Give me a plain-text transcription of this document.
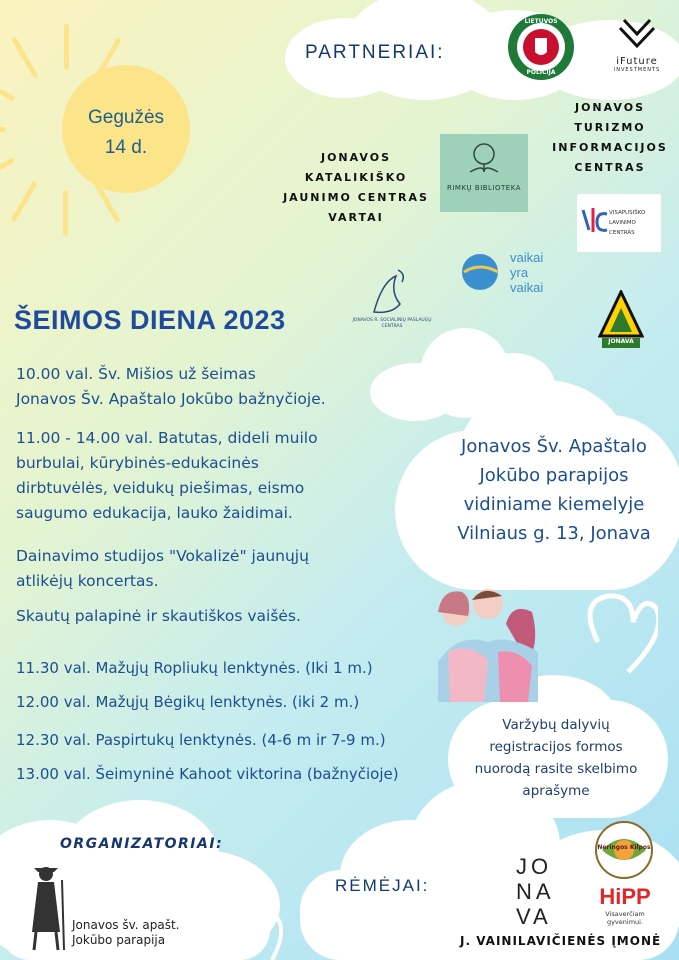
Gegužės
14 d.
PARTNERIAI:
LIETUVOS
POLICIJA
iFuture
INVESTMENTS
JONAVOS
TURIZMO
INFORMACIJOS
CENTRAS
JONAVOS
KATALIKIŠKO
JAUNIMO CENTRAS
VARTAI
RIMKŲ BIBLIOTEKA
VISAPUSIŠKO
LAVINIMO
CENTRAS
JONAVOS R. SOCIALINIŲ PASLAUGŲ CENTRAS
vaikai
yra
vaikai
JONAVA
ŠEIMOS DIENA 2023
10.00 val. Šv. Mišios už šeimas
Jonavos Šv. Apaštalo Jokūbo bažnyčioje.
11.00 - 14.00 val. Batutas, dideli muilo
burbulai, kūrybinės-edukacinės
dirbtuvėlės, veidukų piešimas, eismo
saugumo edukacija, lauko žaidimai.
Dainavimo studijos "Vokalizė" jaunųjų
atlikėjų koncertas.
Skautų palapinė ir skautiškos vaišės.
11.30 val. Mažųjų Ropliukų lenktynės. (Iki 1 m.)
12.00 val. Mažųjų Bėgikų lenktynės. (iki 2 m.)
12.30 val. Paspirtukų lenktynės. (4-6 m ir 7-9 m.)
13.00 val. Šeimyninė Kahoot viktorina (bažnyčioje)
Jonavos Šv. Apaštalo
Jokūbo parapijos
vidiniame kiemelyje
Vilniaus g. 13, Jonava
Varžybų dalyvių
registracijos formos
nuorodą rasite skelbimo
aprašyme
ORGANIZATORIAI:
Jonavos šv. apašt.
Jokūbo parapija
RĖMĖJAI:
JO
NA
VA
Neringos Kilpos
HiPP
Visaverčiam gyvenimui.
J. VAINILAVIČIENĖS ĮMONĖ
